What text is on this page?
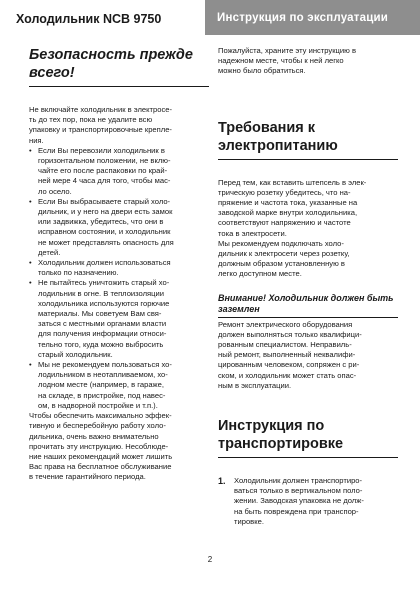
Холодильник NCB 9750	Инструкция по эксплуатации
Безопасность прежде всего!

Не включайте холодильник в электросе-
ть до тех пор, пока не удалите всю
упаковку и транспортировочные крепле-
ния.

• Если Вы перевозили холодильник в
горизонтальном положении, не вклю-
чайте его после распаковки по край-
ней мере 4 часа для того, чтобы мас-
ло осело.
• Если Вы выбрасываете старый холо-
дильник, и у него на двери есть замок
или задвижка, убедитесь, что они в
исправном состоянии, и холодильник
не может представлять опасность для
детей.
• Холодильник должен использоваться
только по назначению.
• Не пытайтесь уничтожить старый хо-
лодильник в огне. В теплоизоляции
холодильника используются горючие
материалы. Мы советуем Вам свя-
заться с местными органами власти
для получения информации относи-
тельно того, куда можно выбросить
старый холодильник.
• Мы не рекомендуем пользоваться хо-
лодильником в неотапливаемом, хо-
лодном месте (например, в гараже,
на складе, в пристройке, под навес-
ом, в надворной постройке и т.п.).

Чтобы обеспечить максимально эффек-
тивную и бесперебойную работу холо-
дильника, очень важно внимательно
прочитать эту инструкцию. Несоблюде-
ние наших рекомендаций может лишить
Вас права на бесплатное обслуживание
в течение гарантийного периода.

Пожалуйста, храните эту инструкцию в
надежном месте, чтобы к ней легко
можно было обратиться.

Требования к электропитанию

Перед тем, как вставить штепсель в элек-
трическую розетку убедитесь, что на-
пряжение и частота тока, указанные на
заводской марке внутри холодильника,
соответствуют напряжению и частоте
тока в электросети.
Мы рекомендуем подключать холо-
дильник к электросети через розетку,
должным образом установленную в
легко доступном месте.

Внимание! Холодильник должен быть заземлен

Ремонт электрического оборудования
должен выполняться только квалифици-
рованным специалистом. Неправиль-
ный ремонт, выполненный неквалифи-
цированным человеком, сопряжен с ри-
ском, и холодильник может стать опас-
ным в эксплуатации.

Инструкция по транспортировке
1. Холодильник должен транспортиро-
ваться только в вертикальном поло-
жении. Заводская упаковка не долж-
на быть повреждена при транспор-
тировке.
2
